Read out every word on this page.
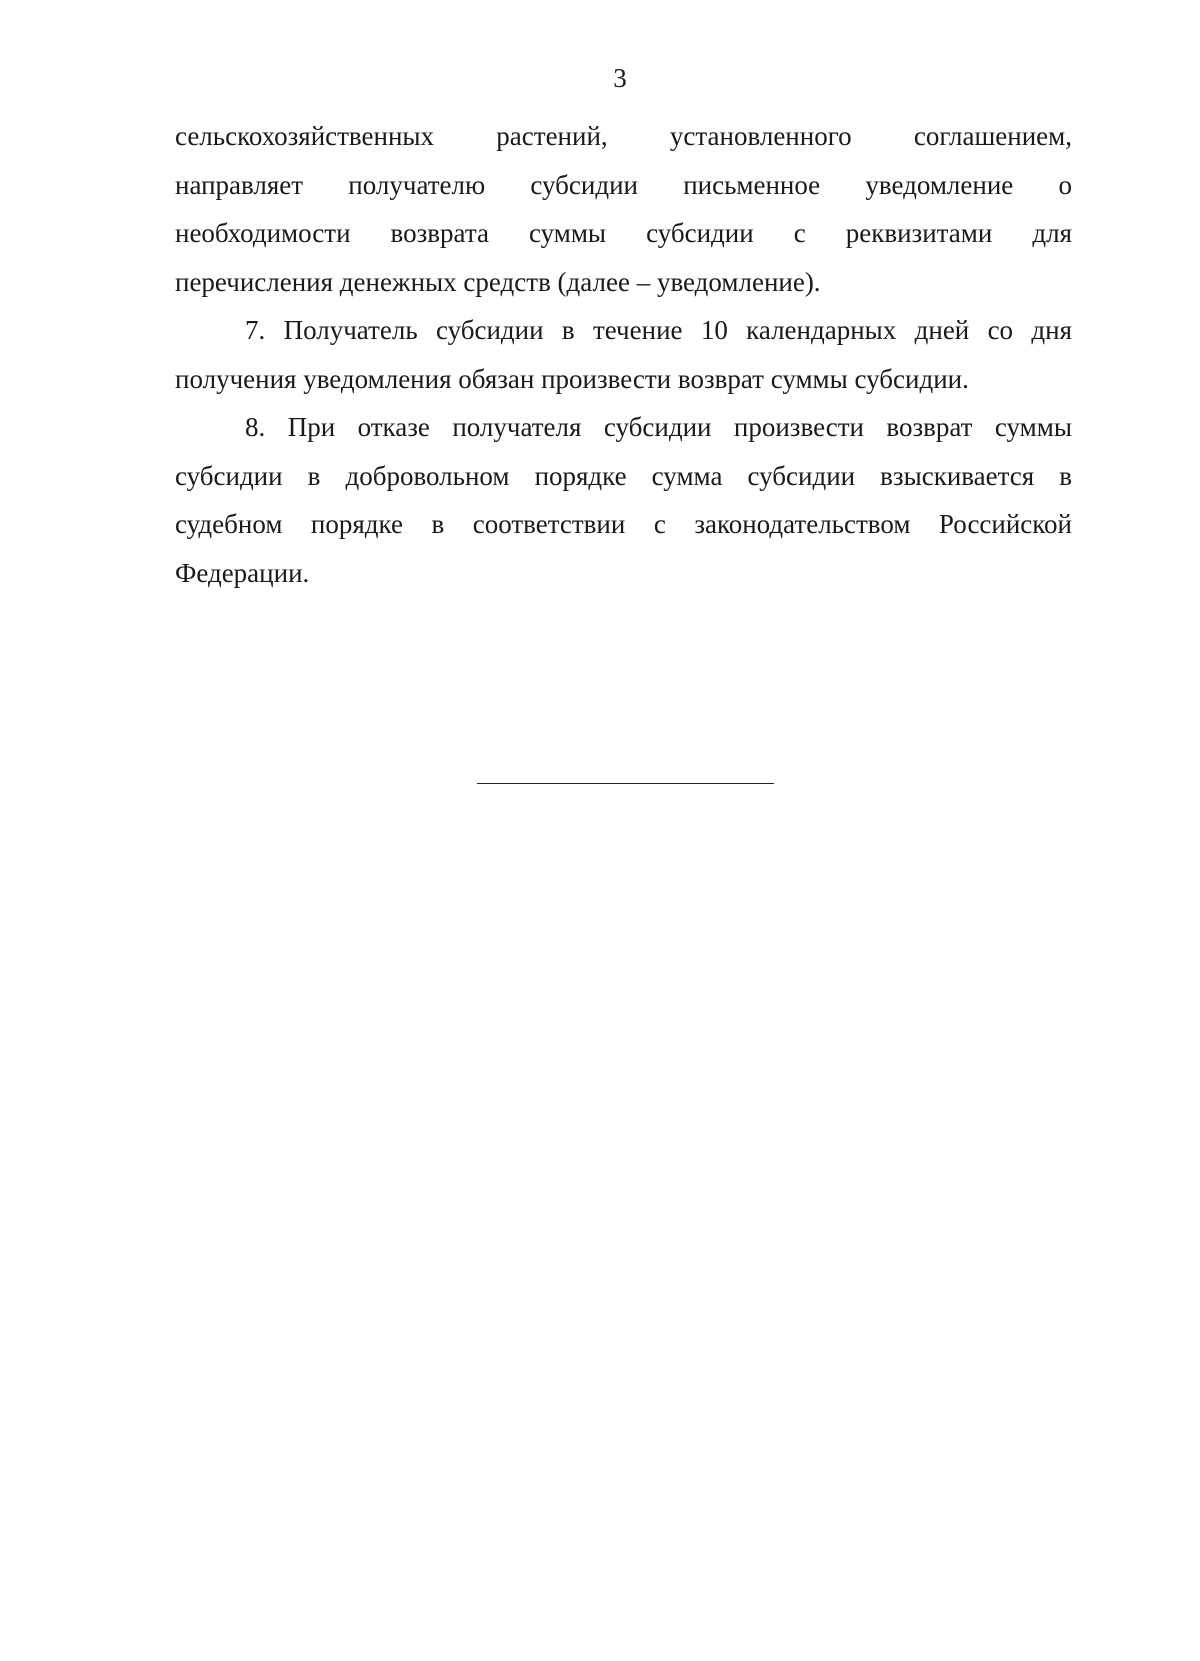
3

сельскохозяйственных растений, установленного соглашением,
направляет получателю субсидии письменное уведомление о
необходимости возврата суммы субсидии с реквизитами для
перечисления денежных средств (далее – уведомление).

7. Получатель субсидии в течение 10 календарных дней со дня
получения уведомления обязан произвести возврат суммы субсидии.

8. При отказе получателя субсидии произвести возврат суммы
субсидии в добровольном порядке сумма субсидии взыскивается в
судебном порядке в соответствии с законодательством Российской
Федерации.
